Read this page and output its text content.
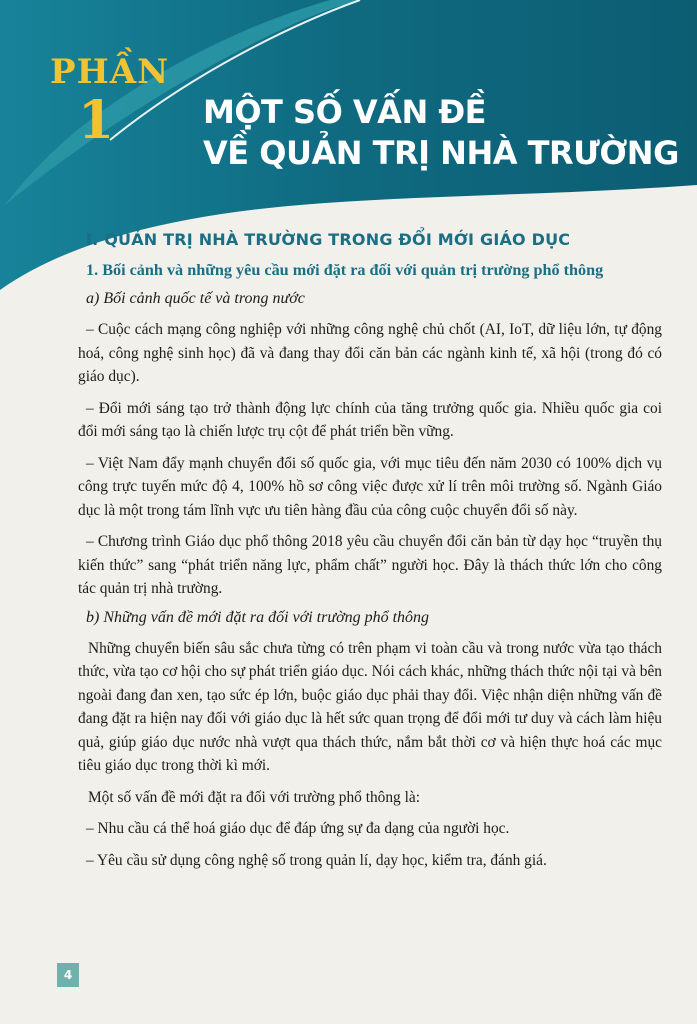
PHẦN
1	MỘT SỐ VẤN ĐỀ
VỀ QUẢN TRỊ NHÀ TRƯỜNG
I. QUẢN TRỊ NHÀ TRƯỜNG TRONG ĐỔI MỚI GIÁO DỤC
1. Bối cảnh và những yêu cầu mới đặt ra đối với quản trị trường phổ thông
a) Bối cảnh quốc tế và trong nước

– Cuộc cách mạng công nghiệp với những công nghệ chủ chốt (AI, IoT, dữ liệu lớn, tự động hoá, công nghệ sinh học) đã và đang thay đổi căn bản các ngành kinh tế, xã hội (trong đó có giáo dục).

– Đổi mới sáng tạo trở thành động lực chính của tăng trưởng quốc gia. Nhiều quốc gia coi đổi mới sáng tạo là chiến lược trụ cột để phát triển bền vững.

– Việt Nam đẩy mạnh chuyển đổi số quốc gia, với mục tiêu đến năm 2030 có 100% dịch vụ công trực tuyến mức độ 4, 100% hồ sơ công việc được xử lí trên môi trường số. Ngành Giáo dục là một trong tám lĩnh vực ưu tiên hàng đầu của công cuộc chuyển đổi số này.

– Chương trình Giáo dục phổ thông 2018 yêu cầu chuyển đổi căn bản từ dạy học “truyền thụ kiến thức” sang “phát triển năng lực, phẩm chất” người học. Đây là thách thức lớn cho công tác quản trị nhà trường.

b) Những vấn đề mới đặt ra đối với trường phổ thông

Những chuyển biến sâu sắc chưa từng có trên phạm vi toàn cầu và trong nước vừa tạo thách thức, vừa tạo cơ hội cho sự phát triển giáo dục. Nói cách khác, những thách thức nội tại và bên ngoài đang đan xen, tạo sức ép lớn, buộc giáo dục phải thay đổi. Việc nhận diện những vấn đề đang đặt ra hiện nay đối với giáo dục là hết sức quan trọng để đổi mới tư duy và cách làm hiệu quả, giúp giáo dục nước nhà vượt qua thách thức, nắm bắt thời cơ và hiện thực hoá các mục tiêu giáo dục trong thời kì mới.

Một số vấn đề mới đặt ra đối với trường phổ thông là:

– Nhu cầu cá thể hoá giáo dục để đáp ứng sự đa dạng của người học.

– Yêu cầu sử dụng công nghệ số trong quản lí, dạy học, kiểm tra, đánh giá.

4
